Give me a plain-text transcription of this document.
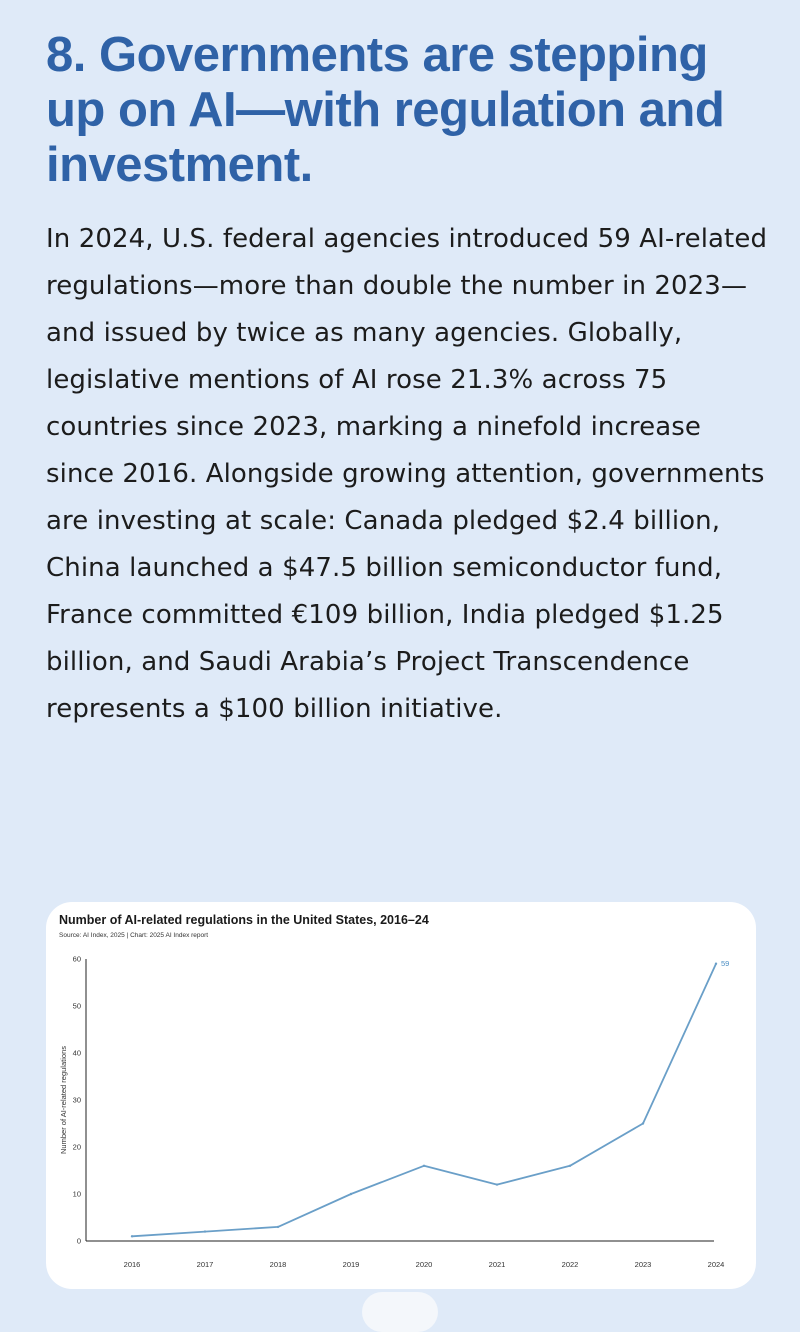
8. Governments are stepping up on AI—with regulation and investment.

In 2024, U.S. federal agencies introduced 59 AI-related regulations—more than double the number in 2023—and issued by twice as many agencies. Globally, legislative mentions of AI rose 21.3% across 75 countries since 2023, marking a ninefold increase since 2016. Alongside growing attention, governments are investing at scale: Canada pledged $2.4 billion, China launched a $47.5 billion semiconductor fund, France committed €109 billion, India pledged $1.25 billion, and Saudi Arabia’s Project Transcendence represents a $100 billion initiative.

Number of AI-related regulations in the United States, 2016–24

Source: AI Index, 2025 | Chart: 2025 AI Index report

0
10
20
30
40
50
60
Number of AI-related regulations
2016	2017	2018	2019	2020	2021	2022	2023	2024
59
